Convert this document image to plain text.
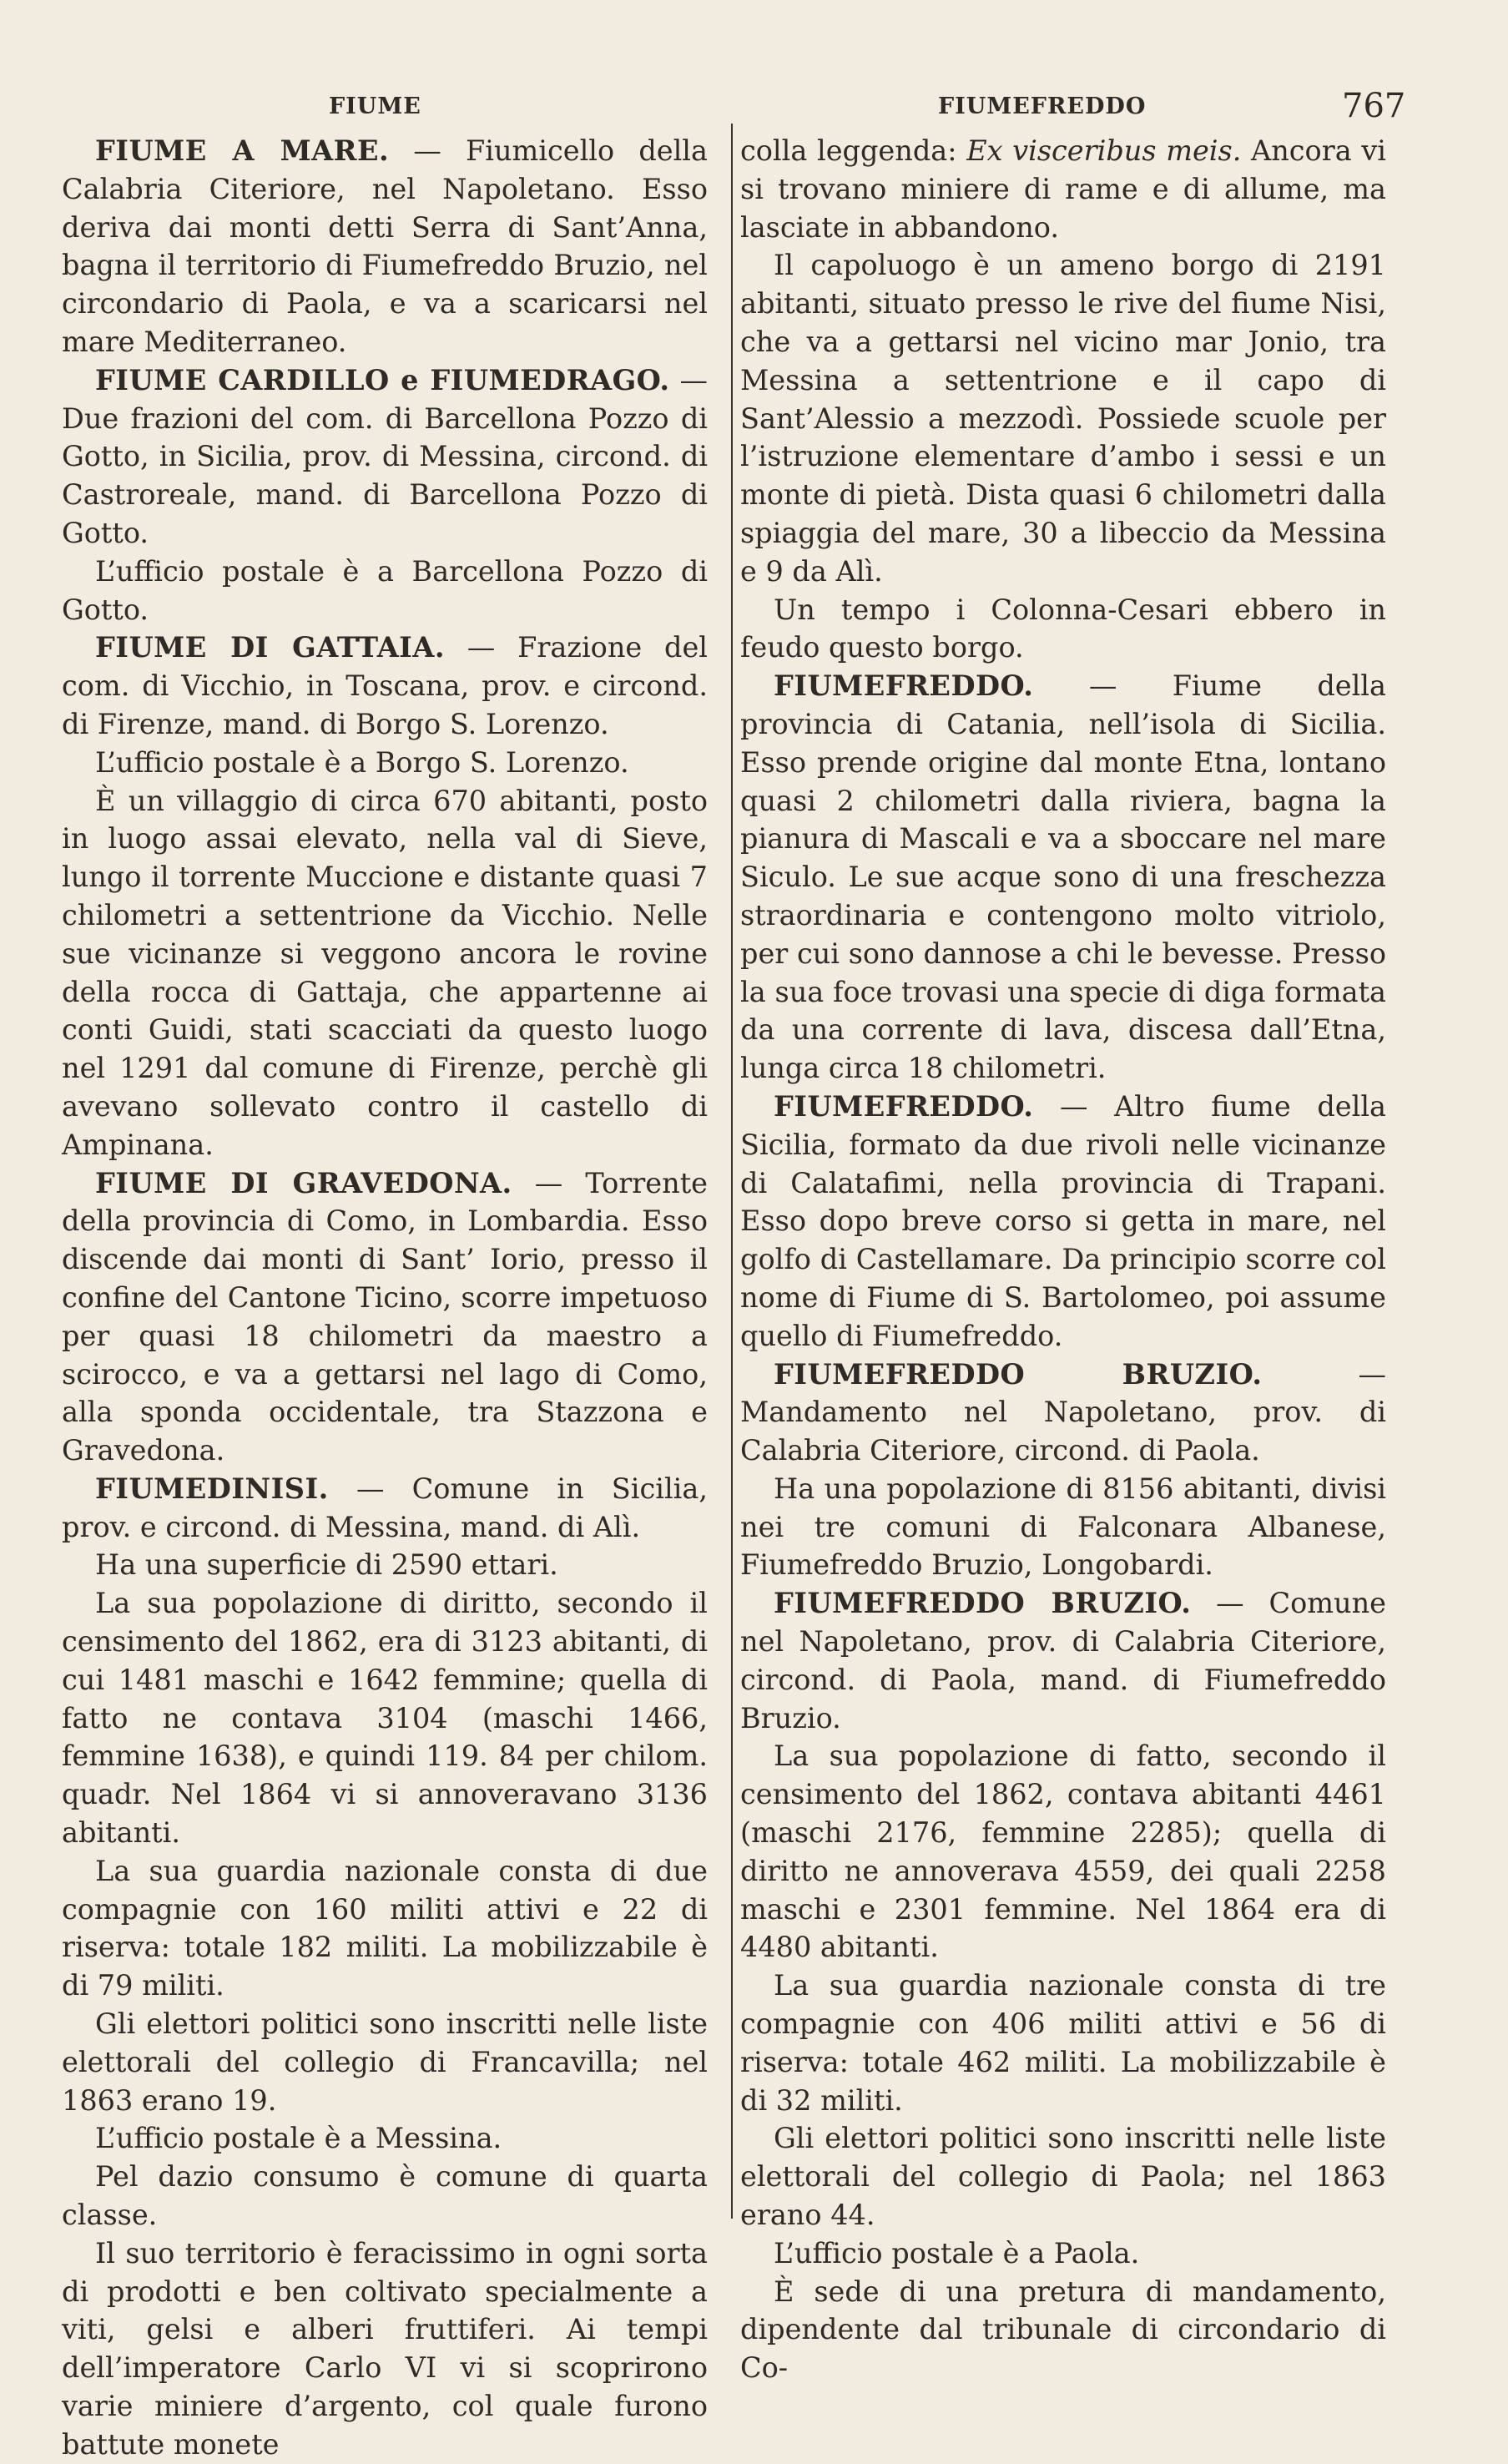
FIUME	FIUMEFREDDO	767

FIUME A MARE. — Fiumicello della Calabria Citeriore, nel Napoletano. Esso deriva dai monti detti Serra di Sant’Anna, bagna il territorio di Fiumefreddo Bruzio, nel circondario di Paola, e va a scaricarsi nel mare Mediterraneo.

FIUME CARDILLO e FIUMEDRAGO. — Due frazioni del com. di Barcellona Pozzo di Gotto, in Sicilia, prov. di Messina, circond. di Castroreale, mand. di Barcellona Pozzo di Gotto.

L’ufficio postale è a Barcellona Pozzo di Gotto.

FIUME DI GATTAIA. — Frazione del com. di Vicchio, in Toscana, prov. e circond. di Firenze, mand. di Borgo S. Lorenzo.

L’ufficio postale è a Borgo S. Lorenzo.

È un villaggio di circa 670 abitanti, posto in luogo assai elevato, nella val di Sieve, lungo il torrente Muccione e distante quasi 7 chilometri a settentrione da Vicchio. Nelle sue vicinanze si veggono ancora le rovine della rocca di Gattaja, che appartenne ai conti Guidi, stati scacciati da questo luogo nel 1291 dal comune di Firenze, perchè gli avevano sollevato contro il castello di Ampinana.

FIUME DI GRAVEDONA. — Torrente della provincia di Como, in Lombardia. Esso discende dai monti di Sant’ Iorio, presso il confine del Cantone Ticino, scorre impetuoso per quasi 18 chilometri da maestro a scirocco, e va a gettarsi nel lago di Como, alla sponda occidentale, tra Stazzona e Gravedona.

FIUMEDINISI. — Comune in Sicilia, prov. e circond. di Messina, mand. di Alì.

Ha una superficie di 2590 ettari.

La sua popolazione di diritto, secondo il censimento del 1862, era di 3123 abitanti, di cui 1481 maschi e 1642 femmine; quella di fatto ne contava 3104 (maschi 1466, femmine 1638), e quindi 119. 84 per chilom. quadr. Nel 1864 vi si annoveravano 3136 abitanti.

La sua guardia nazionale consta di due compagnie con 160 militi attivi e 22 di riserva: totale 182 militi. La mobilizzabile è di 79 militi.

Gli elettori politici sono inscritti nelle liste elettorali del collegio di Francavilla; nel 1863 erano 19.

L’ufficio postale è a Messina.

Pel dazio consumo è comune di quarta classe.

Il suo territorio è feracissimo in ogni sorta di prodotti e ben coltivato specialmente a viti, gelsi e alberi fruttiferi. Ai tempi dell’imperatore Carlo VI vi si scoprirono varie miniere d’argento, col quale furono battute monete

colla leggenda: Ex visceribus meis. Ancora vi si trovano miniere di rame e di allume, ma lasciate in abbandono.

Il capoluogo è un ameno borgo di 2191 abitanti, situato presso le rive del fiume Nisi, che va a gettarsi nel vicino mar Jonio, tra Messina a settentrione e il capo di Sant’Alessio a mezzodì. Possiede scuole per l’istruzione elementare d’ambo i sessi e un monte di pietà. Dista quasi 6 chilometri dalla spiaggia del mare, 30 a libeccio da Messina e 9 da Alì.

Un tempo i Colonna-Cesari ebbero in feudo questo borgo.

FIUMEFREDDO. — Fiume della provincia di Catania, nell’isola di Sicilia. Esso prende origine dal monte Etna, lontano quasi 2 chilometri dalla riviera, bagna la pianura di Mascali e va a sboccare nel mare Siculo. Le sue acque sono di una freschezza straordinaria e contengono molto vitriolo, per cui sono dannose a chi le bevesse. Presso la sua foce trovasi una specie di diga formata da una corrente di lava, discesa dall’Etna, lunga circa 18 chilometri.

FIUMEFREDDO. — Altro fiume della Sicilia, formato da due rivoli nelle vicinanze di Calatafimi, nella provincia di Trapani. Esso dopo breve corso si getta in mare, nel golfo di Castellamare. Da principio scorre col nome di Fiume di S. Bartolomeo, poi assume quello di Fiumefreddo.

FIUMEFREDDO BRUZIO. — Mandamento nel Napoletano, prov. di Calabria Citeriore, circond. di Paola.

Ha una popolazione di 8156 abitanti, divisi nei tre comuni di Falconara Albanese, Fiumefreddo Bruzio, Longobardi.

FIUMEFREDDO BRUZIO. — Comune nel Napoletano, prov. di Calabria Citeriore, circond. di Paola, mand. di Fiumefreddo Bruzio.

La sua popolazione di fatto, secondo il censimento del 1862, contava abitanti 4461 (maschi 2176, femmine 2285); quella di diritto ne annoverava 4559, dei quali 2258 maschi e 2301 femmine. Nel 1864 era di 4480 abitanti.

La sua guardia nazionale consta di tre compagnie con 406 militi attivi e 56 di riserva: totale 462 militi. La mobilizzabile è di 32 militi.

Gli elettori politici sono inscritti nelle liste elettorali del collegio di Paola; nel 1863 erano 44.

L’ufficio postale è a Paola.

È sede di una pretura di mandamento, dipendente dal tribunale di circondario di Co-
